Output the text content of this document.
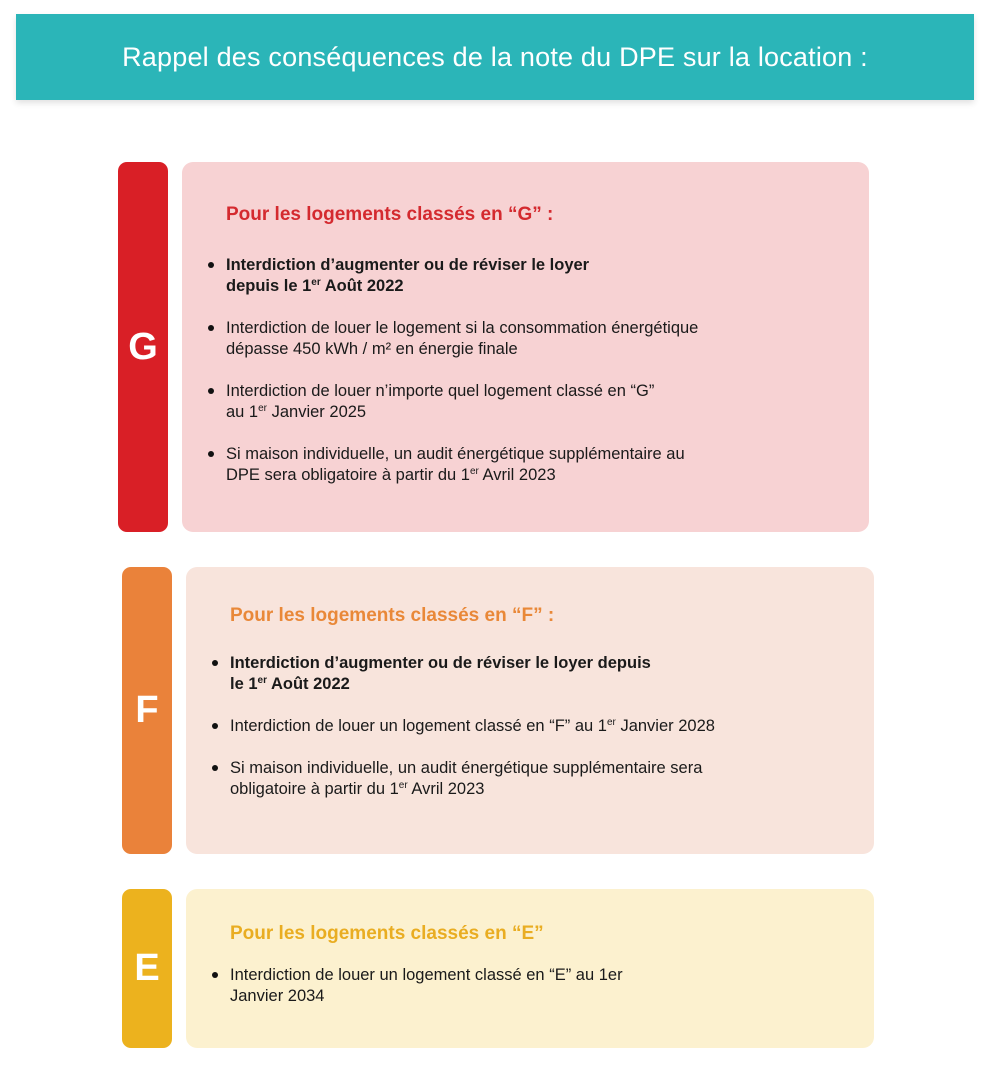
Rappel des conséquences de la note du DPE sur la location :
G

Pour les logements classés en “G” :

Interdiction d’augmenter ou de réviser le loyer
depuis le 1er Août 2022
Interdiction de louer le logement si la consommation énergétique
dépasse 450 kWh / m² en énergie finale
Interdiction de louer n’importe quel logement classé en “G”
au 1er Janvier 2025
Si maison individuelle, un audit énergétique supplémentaire au
DPE sera obligatoire à partir du 1er Avril 2023
F

Pour les logements classés en “F” :

Interdiction d’augmenter ou de réviser le loyer depuis
le 1er Août 2022
Interdiction de louer un logement classé en “F” au 1er Janvier 2028
Si maison individuelle, un audit énergétique supplémentaire sera
obligatoire à partir du 1er Avril 2023
E

Pour les logements classés en “E”

Interdiction de louer un logement classé en “E” au 1er
Janvier 2034
